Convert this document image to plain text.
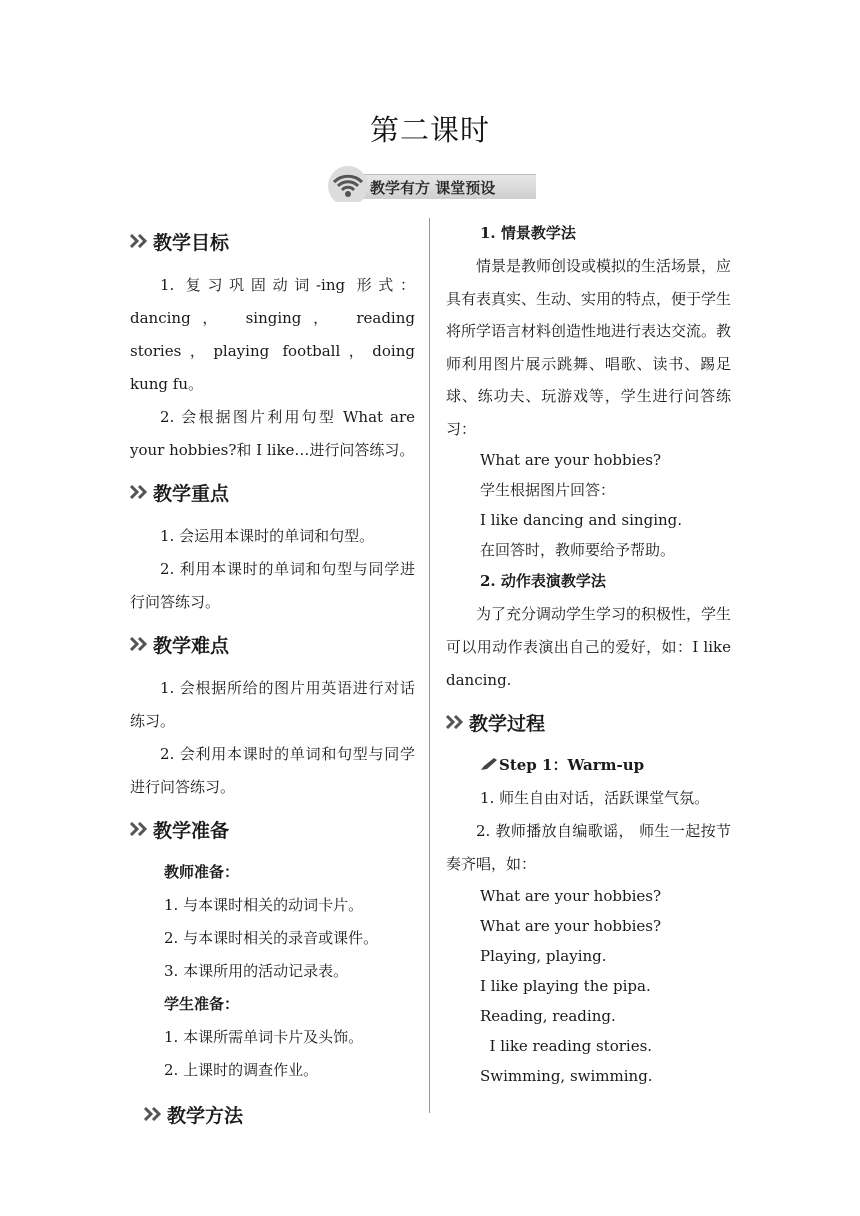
第二课时
教学有方 课堂预设
教学目标

1. 复习巩固动词-ing 形式：dancing， singing， reading stories，playing football，doing kung fu。

2. 会根据图片利用句型 What are your hobbies?和 I like…进行问答练习。

教学重点

1. 会运用本课时的单词和句型。

2. 利用本课时的单词和句型与同学进行问答练习。

教学难点

1. 会根据所给的图片用英语进行对话练习。

2. 会利用本课时的单词和句型与同学进行问答练习。

教学准备

教师准备：

1. 与本课时相关的动词卡片。

2. 与本课时相关的录音或课件。

3. 本课所用的活动记录表。

学生准备：

1. 本课所需单词卡片及头饰。

2. 上课时的调查作业。

教学方法

1. 情景教学法

情景是教师创设或模拟的生活场景，应具有表真实、生动、实用的特点，便于学生将所学语言材料创造性地进行表达交流。教师利用图片展示跳舞、唱歌、读书、踢足球、练功夫、玩游戏等，学生进行问答练习：

What are your hobbies?

学生根据图片回答：

I like dancing and singing.

在回答时，教师要给予帮助。

2. 动作表演教学法

为了充分调动学生学习的积极性，学生可以用动作表演出自己的爱好，如：I like dancing.

教学过程

Step 1：Warm-up

1. 师生自由对话，活跃课堂气氛。

2. 教师播放自编歌谣， 师生一起按节奏齐唱，如：

What are your hobbies?

What are your hobbies?

Playing, playing.

I like playing the pipa.

Reading, reading.

I like reading stories.

Swimming, swimming.
